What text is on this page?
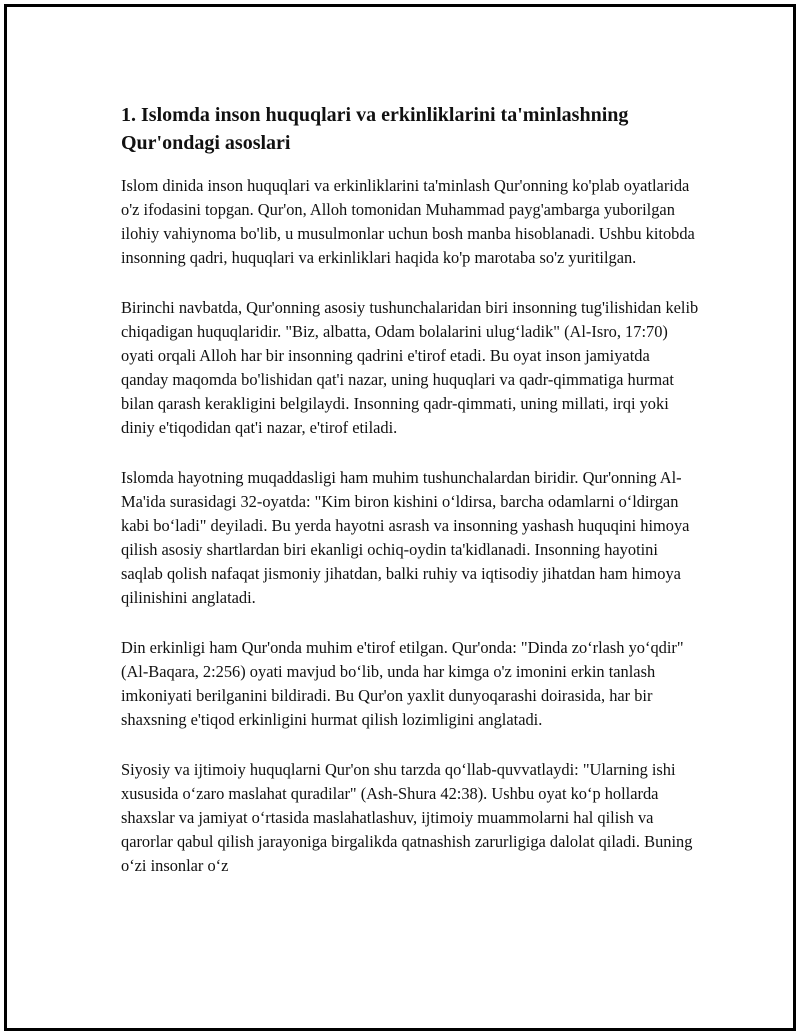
1. Islomda inson huquqlari va erkinliklarini ta'minlashning Qur'ondagi asoslari

Islom dinida inson huquqlari va erkinliklarini ta'minlash Qur'onning ko'plab oyatlarida o'z ifodasini topgan. Qur'on, Alloh tomonidan Muhammad payg'ambarga yuborilgan ilohiy vahiynoma bo'lib, u musulmonlar uchun bosh manba hisoblanadi. Ushbu kitobda insonning qadri, huquqlari va erkinliklari haqida ko'p marotaba so'z yuritilgan.

Birinchi navbatda, Qur'onning asosiy tushunchalaridan biri insonning tug'ilishidan kelib chiqadigan huquqlaridir. "Biz, albatta, Odam bolalarini ulug‘ladik" (Al-Isro, 17:70) oyati orqali Alloh har bir insonning qadrini e'tirof etadi. Bu oyat inson jamiyatda qanday maqomda bo'lishidan qat'i nazar, uning huquqlari va qadr-qimmatiga hurmat bilan qarash kerakligini belgilaydi. Insonning qadr-qimmati, uning millati, irqi yoki diniy e'tiqodidan qat'i nazar, e'tirof etiladi.

Islomda hayotning muqaddasligi ham muhim tushunchalardan biridir. Qur'onning Al-Ma'ida surasidagi 32-oyatda: "Kim biron kishini o‘ldirsa, barcha odamlarni o‘ldirgan kabi bo‘ladi" deyiladi. Bu yerda hayotni asrash va insonning yashash huquqini himoya qilish asosiy shartlardan biri ekanligi ochiq-oydin ta'kidlanadi. Insonning hayotini saqlab qolish nafaqat jismoniy jihatdan, balki ruhiy va iqtisodiy jihatdan ham himoya qilinishini anglatadi.

Din erkinligi ham Qur'onda muhim e'tirof etilgan. Qur'onda: "Dinda zo‘rlash yo‘qdir" (Al-Baqara, 2:256) oyati mavjud bo‘lib, unda har kimga o'z imonini erkin tanlash imkoniyati berilganini bildiradi. Bu Qur'on yaxlit dunyoqarashi doirasida, har bir shaxsning e'tiqod erkinligini hurmat qilish lozimligini anglatadi.

Siyosiy va ijtimoiy huquqlarni Qur'on shu tarzda qo‘llab-quvvatlaydi: "Ularning ishi xususida o‘zaro maslahat quradilar" (Ash-Shura 42:38). Ushbu oyat ko‘p hollarda shaxslar va jamiyat o‘rtasida maslahatlashuv, ijtimoiy muammolarni hal qilish va qarorlar qabul qilish jarayoniga birgalikda qatnashish zarurligiga dalolat qiladi. Buning o‘zi insonlar o‘z
